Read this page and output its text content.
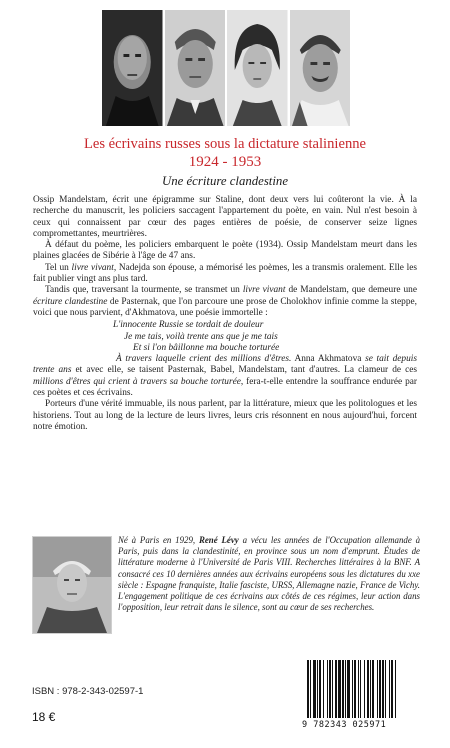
Les écrivains russes sous la dictature stalinienne
1924 - 1953
Une écriture clandestine

Ossip Mandelstam, écrit une épigramme sur Staline, dont deux vers lui coûteront la vie. À la recherche du manuscrit, les policiers saccagent l'appartement du poète, en vain. Nul n'est besoin à ceux qui connaissent par cœur des pages entières de poésie, de conserver seize lignes compromettantes, meurtrières.

À défaut du poème, les policiers embarquent le poète (1934). Ossip Mandelstam meurt dans les plaines glacées de Sibérie à l'âge de 47 ans.

Tel un livre vivant, Nadejda son épouse, a mémorisé les poèmes, les a transmis oralement. Elle les fait publier vingt ans plus tard.

Tandis que, traversant la tourmente, se transmet un livre vivant de Mandelstam, que demeure une écriture clandestine de Pasternak, que l'on parcoure une prose de Cholokhov infinie comme la steppe, voici que nous parvient, d'Akhmatova, une poésie immortelle :

L'innocente Russie se tordait de douleur
Je me tais, voilà trente ans que je me tais
Et si l'on bâillonne ma bouche torturée

À travers laquelle crient des millions d'êtres. Anna Akhmatova se tait depuis trente ans et avec elle, se taisent Pasternak, Babel, Mandelstam, tant d'autres. La clameur de ces millions d'êtres qui crient à travers sa bouche torturée, fera-t-elle entendre la souffrance endurée par ces poètes et ces écrivains.

Porteurs d'une vérité immuable, ils nous parlent, par la littérature, mieux que les politologues et les historiens. Tout au long de la lecture de leurs livres, leurs cris résonnent en nous aujourd'hui, forcent notre émotion.

Né à Paris en 1929, René Lévy a vécu les années de l'Occupation allemande à Paris, puis dans la clandestinité, en province sous un nom d'emprunt. Études de littérature moderne à l'Université de Paris VIII. Recherches littéraires à la BNF. A consacré ces 10 dernières années aux écrivains européens sous les dictatures du xxe siècle : Espagne franquiste, Italie fasciste, URSS, Allemagne nazie, France de Vichy. L'engagement politique de ces écrivains aux côtés de ces régimes, leur action dans l'opposition, leur retrait dans le silence, sont au cœur de ses recherches.
ISBN : 978-2-343-02597-1
18 €
9 782343 025971
